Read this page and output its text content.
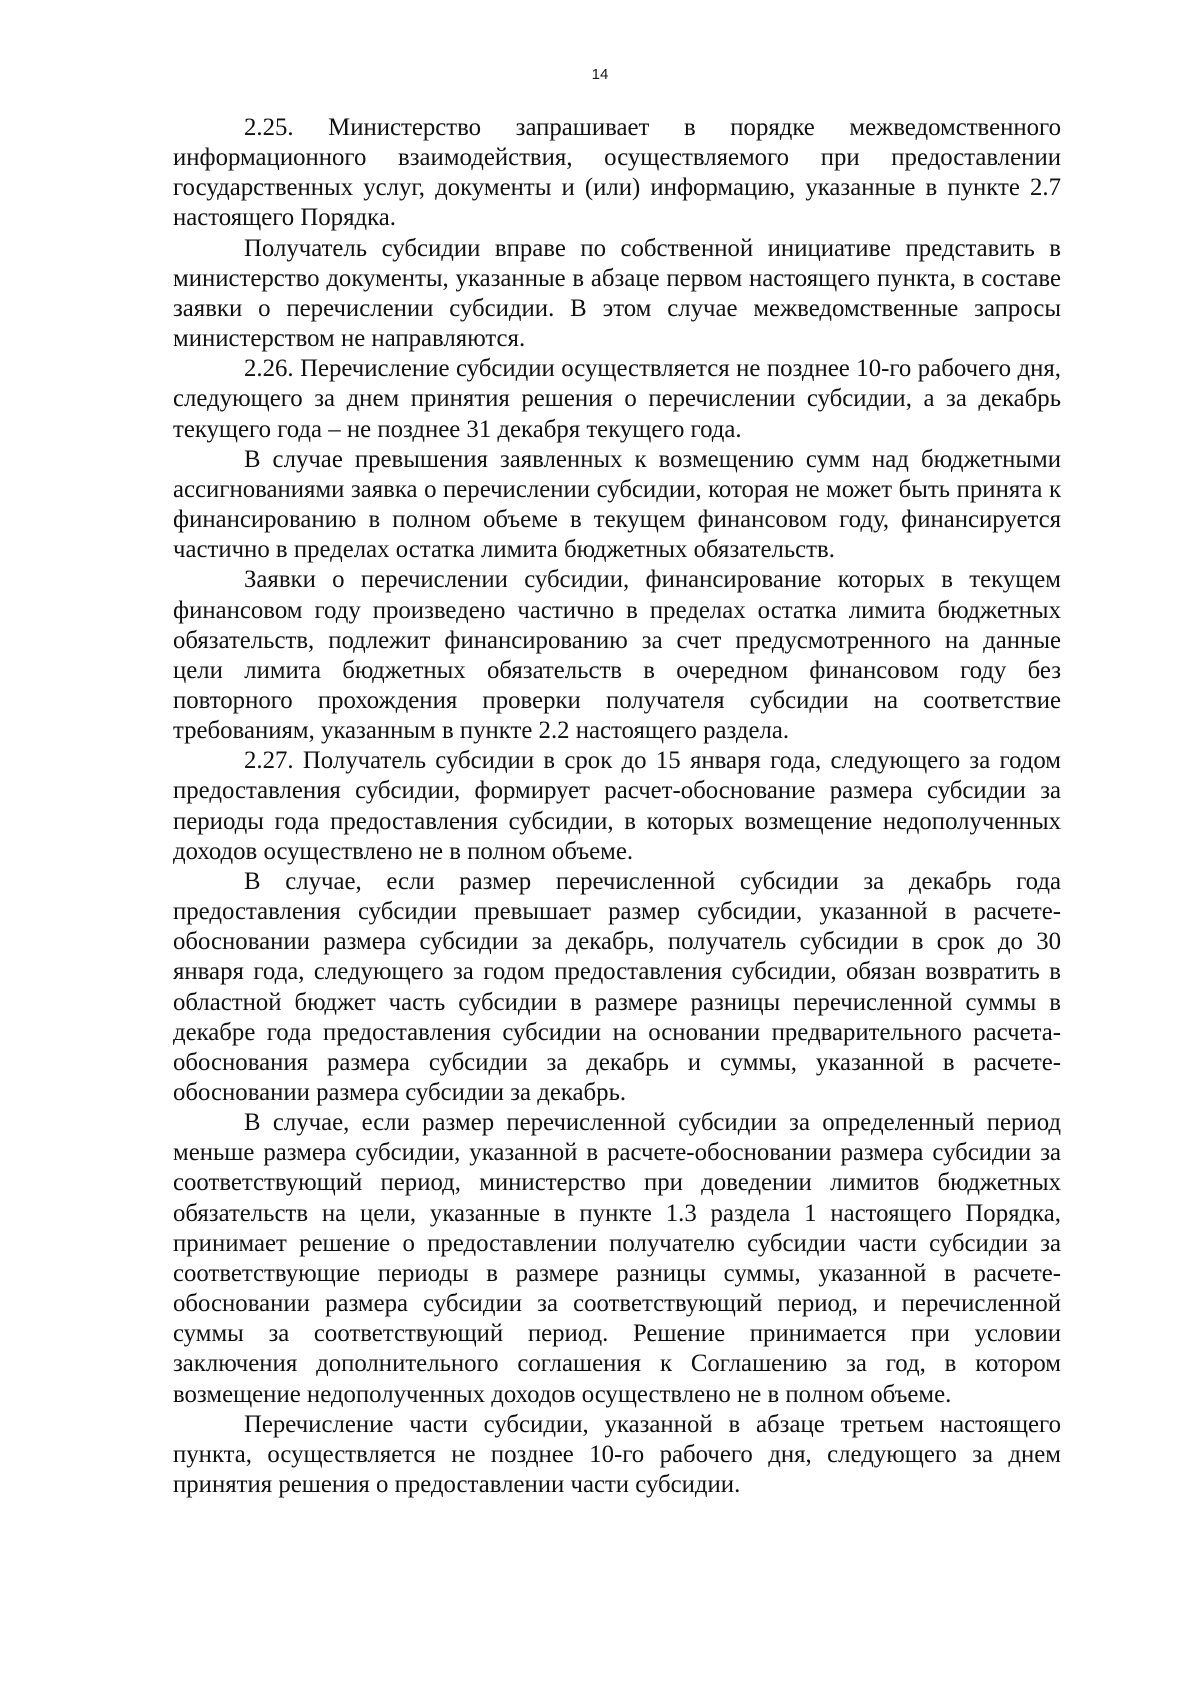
14

2.25. Министерство запрашивает в порядке межведомственного информационного взаимодействия, осуществляемого при предоставлении государственных услуг, документы и (или) информацию, указанные в пункте 2.7 настоящего Порядка.

Получатель субсидии вправе по собственной инициативе представить в министерство документы, указанные в абзаце первом настоящего пункта, в составе заявки о перечислении субсидии. В этом случае межведомственные запросы министерством не направляются.

2.26. Перечисление субсидии осуществляется не позднее 10-го рабочего дня, следующего за днем принятия решения о перечислении субсидии, а за декабрь текущего года – не позднее 31 декабря текущего года.

В случае превышения заявленных к возмещению сумм над бюджетными ассигнованиями заявка о перечислении субсидии, которая не может быть принята к финансированию в полном объеме в текущем финансовом году, финансируется частично в пределах остатка лимита бюджетных обязательств.

Заявки о перечислении субсидии, финансирование которых в текущем финансовом году произведено частично в пределах остатка лимита бюджетных обязательств, подлежит финансированию за счет предусмотренного на данные цели лимита бюджетных обязательств в очередном финансовом году без повторного прохождения проверки получателя субсидии на соответствие требованиям, указанным в пункте 2.2 настоящего раздела.

2.27. Получатель субсидии в срок до 15 января года, следующего за годом предоставления субсидии, формирует расчет-обоснование размера субсидии за периоды года предоставления субсидии, в которых возмещение недополученных доходов осуществлено не в полном объеме.

В случае, если размер перечисленной субсидии за декабрь года предоставления субсидии превышает размер субсидии, указанной в расчете-обосновании размера субсидии за декабрь, получатель субсидии в срок до 30 января года, следующего за годом предоставления субсидии, обязан возвратить в областной бюджет часть субсидии в размере разницы перечисленной суммы в декабре года предоставления субсидии на основании предварительного расчета-обоснования размера субсидии за декабрь и суммы, указанной в расчете-обосновании размера субсидии за декабрь.

В случае, если размер перечисленной субсидии за определенный период меньше размера субсидии, указанной в расчете-обосновании размера субсидии за соответствующий период, министерство при доведении лимитов бюджетных обязательств на цели, указанные в пункте 1.3 раздела 1 настоящего Порядка, принимает решение о предоставлении получателю субсидии части субсидии за соответствующие периоды в размере разницы суммы, указанной в расчете-обосновании размера субсидии за соответствующий период, и перечисленной суммы за соответствующий период. Решение принимается при условии заключения дополнительного соглашения к Соглашению за год, в котором возмещение недополученных доходов осуществлено не в полном объеме.

Перечисление части субсидии, указанной в абзаце третьем настоящего пункта, осуществляется не позднее 10-го рабочего дня, следующего за днем принятия решения о предоставлении части субсидии.
